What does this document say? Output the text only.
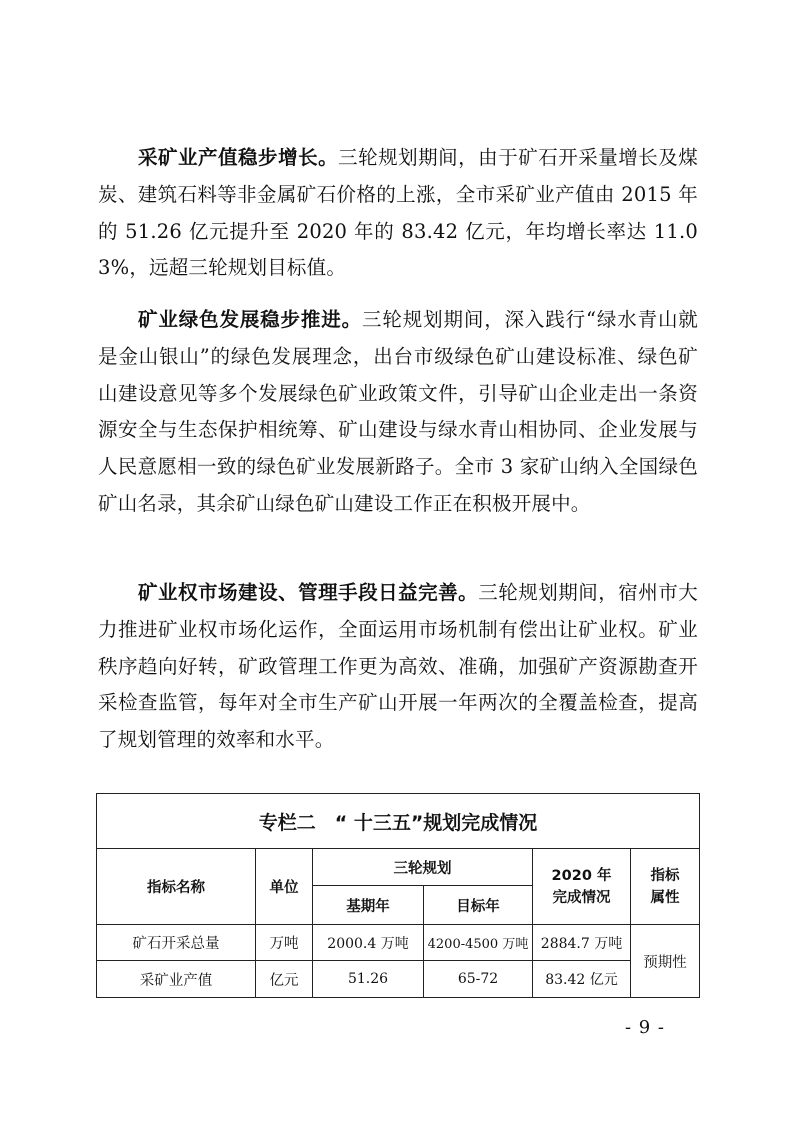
采矿业产值稳步增长。三轮规划期间，由于矿石开采量增长及煤炭、建筑石料等非金属矿石价格的上涨，全市采矿业产值由 2015 年的 51.26 亿元提升至 2020 年的 83.42 亿元，年均增长率达 11.03%，远超三轮规划目标值。
矿业绿色发展稳步推进。三轮规划期间，深入践行“绿水青山就是金山银山”的绿色发展理念，出台市级绿色矿山建设标准、绿色矿山建设意见等多个发展绿色矿业政策文件，引导矿山企业走出一条资源安全与生态保护相统筹、矿山建设与绿水青山相协同、企业发展与人民意愿相一致的绿色矿业发展新路子。全市 3 家矿山纳入全国绿色矿山名录，其余矿山绿色矿山建设工作正在积极开展中。
矿业权市场建设、管理手段日益完善。三轮规划期间，宿州市大力推进矿业权市场化运作，全面运用市场机制有偿出让矿业权。矿业秩序趋向好转，矿政管理工作更为高效、准确，加强矿产资源勘查开采检查监管，每年对全市生产矿山开展一年两次的全覆盖检查，提高了规划管理的效率和水平。
专栏二　“ 十三五”规划完成情况					
指标名称	单位	三轮规划		2020 年完成情况	指标属性
		基期年	目标年		
矿石开采总量	万吨	2000.4 万吨	4200-4500 万吨	2884.7 万吨	预期性
采矿业产值	亿元	51.26	65-72	83.42 亿元	
- 9 -
